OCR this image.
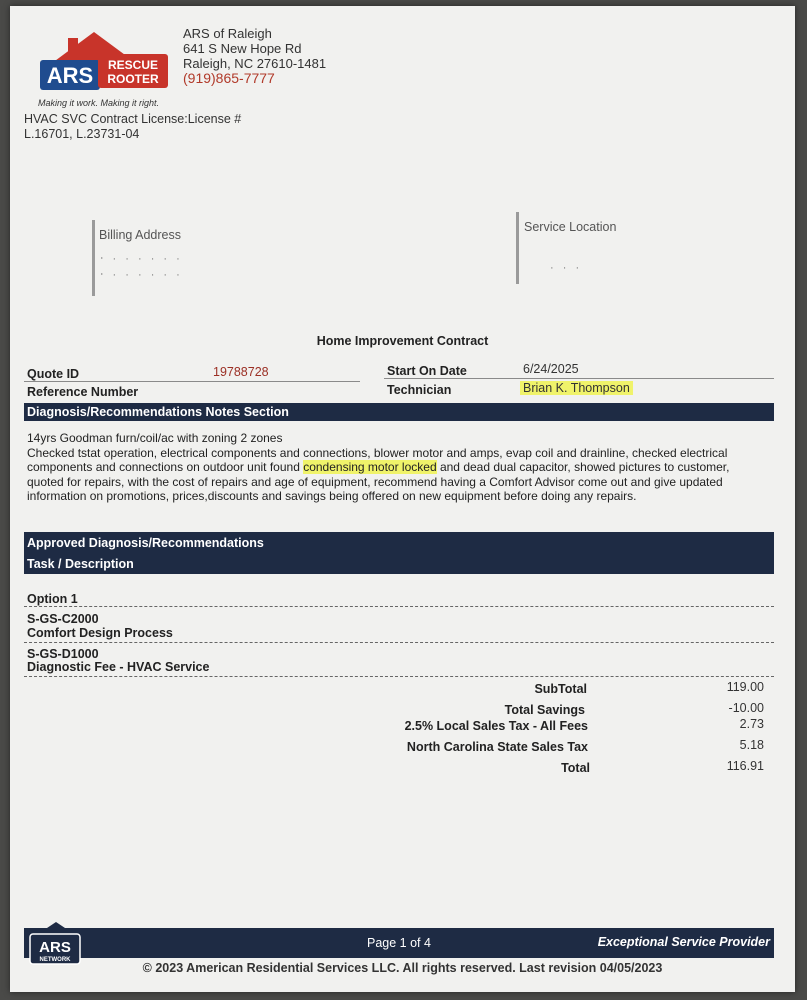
ARS RESCUE
ROOTER
Making it work. Making it right.
ARS of Raleigh
641 S New Hope Rd
Raleigh, NC 27610-1481
(919)865-7777
HVAC SVC Contract License:License #
L.16701, L.23731-04
Billing Address
‧ · · · · · ·
‧ · · · · · ·
Service Location
· · ·
Home Improvement Contract
Quote ID	19788728
Reference Number
Start On Date	6/24/2025
Technician	Brian K. Thompson
Diagnosis/Recommendations Notes Section
14yrs Goodman furn/coil/ac with zoning 2 zones
Checked tstat operation, electrical components and connections, blower motor and amps, evap coil and drainline, checked electrical components and connections on outdoor unit found condensing motor locked and dead dual capacitor, showed pictures to customer, quoted for repairs, with the cost of repairs and age of equipment, recommend having a Comfort Advisor come out and give updated information on promotions, prices,discounts and savings being offered on new equipment before doing any repairs.
Approved Diagnosis/Recommendations
Task / Description
Option 1
S-GS-C2000
Comfort Design Process
S-GS-D1000
Diagnostic Fee - HVAC Service
SubTotal	119.00
Total Savings	-10.00
2.5% Local Sales Tax - All Fees	2.73
North Carolina State Sales Tax	5.18
Total	116.91
Page 1 of 4	Exceptional Service Provider
ARS
NETWORK
© 2023 American Residential Services LLC. All rights reserved. Last revision 04/05/2023
